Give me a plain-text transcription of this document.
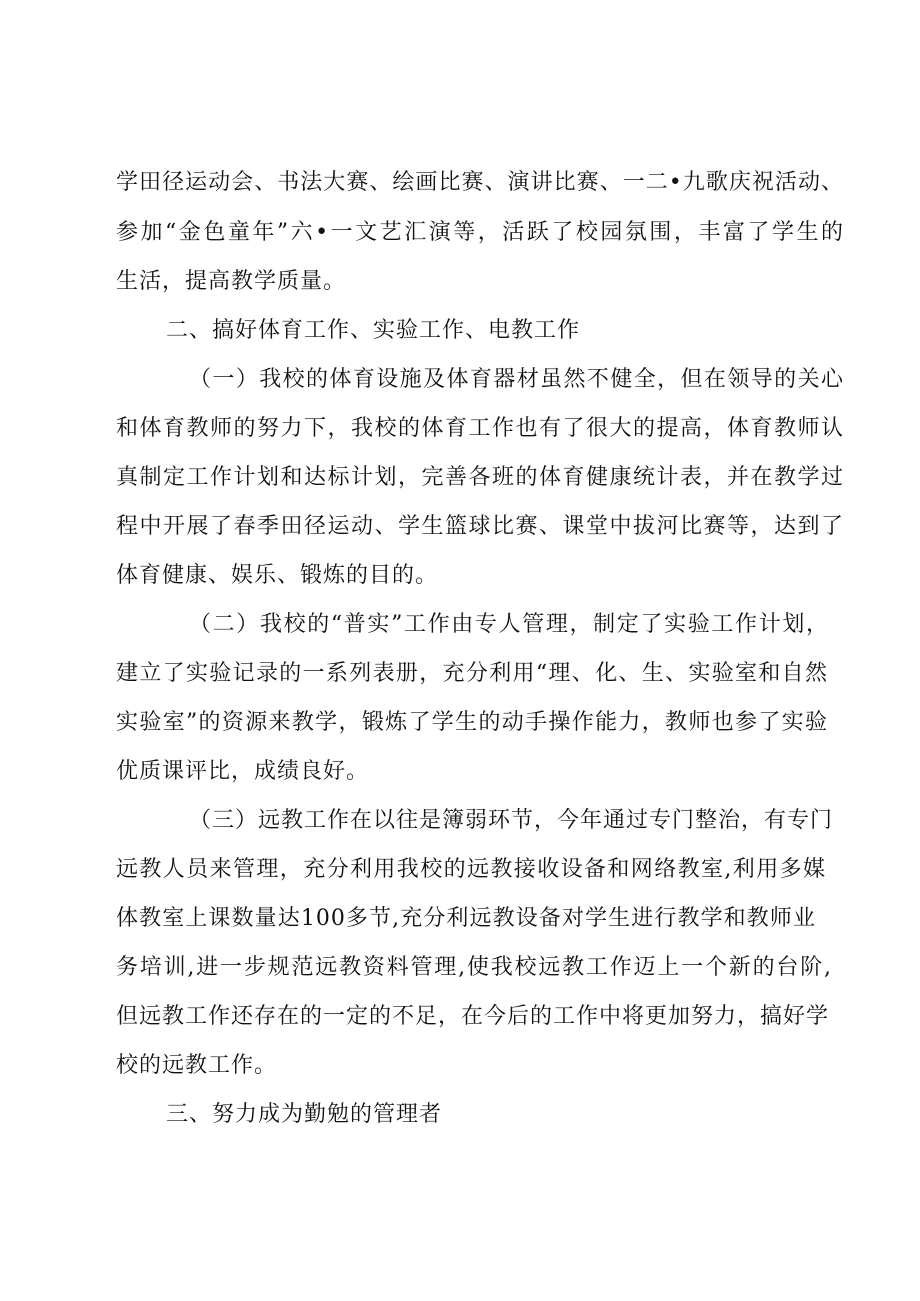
学田径运动会、书法大赛、绘画比赛、演讲比赛、一二•九歌庆祝活动、
参加“金色童年”六•一文艺汇演等，活跃了校园氛围，丰富了学生的
生活，提高教学质量。
二、搞好体育工作、实验工作、电教工作
（一）我校的体育设施及体育器材虽然不健全，但在领导的关心
和体育教师的努力下，我校的体育工作也有了很大的提高，体育教师认
真制定工作计划和达标计划，完善各班的体育健康统计表，并在教学过
程中开展了春季田径运动、学生篮球比赛、课堂中拔河比赛等，达到了
体育健康、娱乐、锻炼的目的。
（二）我校的“普实”工作由专人管理，制定了实验工作计划，
建立了实验记录的一系列表册，充分利用“理、化、生、实验室和自然
实验室”的资源来教学，锻炼了学生的动手操作能力，教师也参了实验
优质课评比，成绩良好。
（三）远教工作在以往是簿弱环节，今年通过专门整治，有专门
远教人员来管理，充分利用我校的远教接收设备和网络教室,利用多媒
体教室上课数量达100多节,充分利远教设备对学生进行教学和教师业
务培训,进一步规范远教资料管理,使我校远教工作迈上一个新的台阶,
但远教工作还存在的一定的不足，在今后的工作中将更加努力，搞好学
校的远教工作。
三、努力成为勤勉的管理者
